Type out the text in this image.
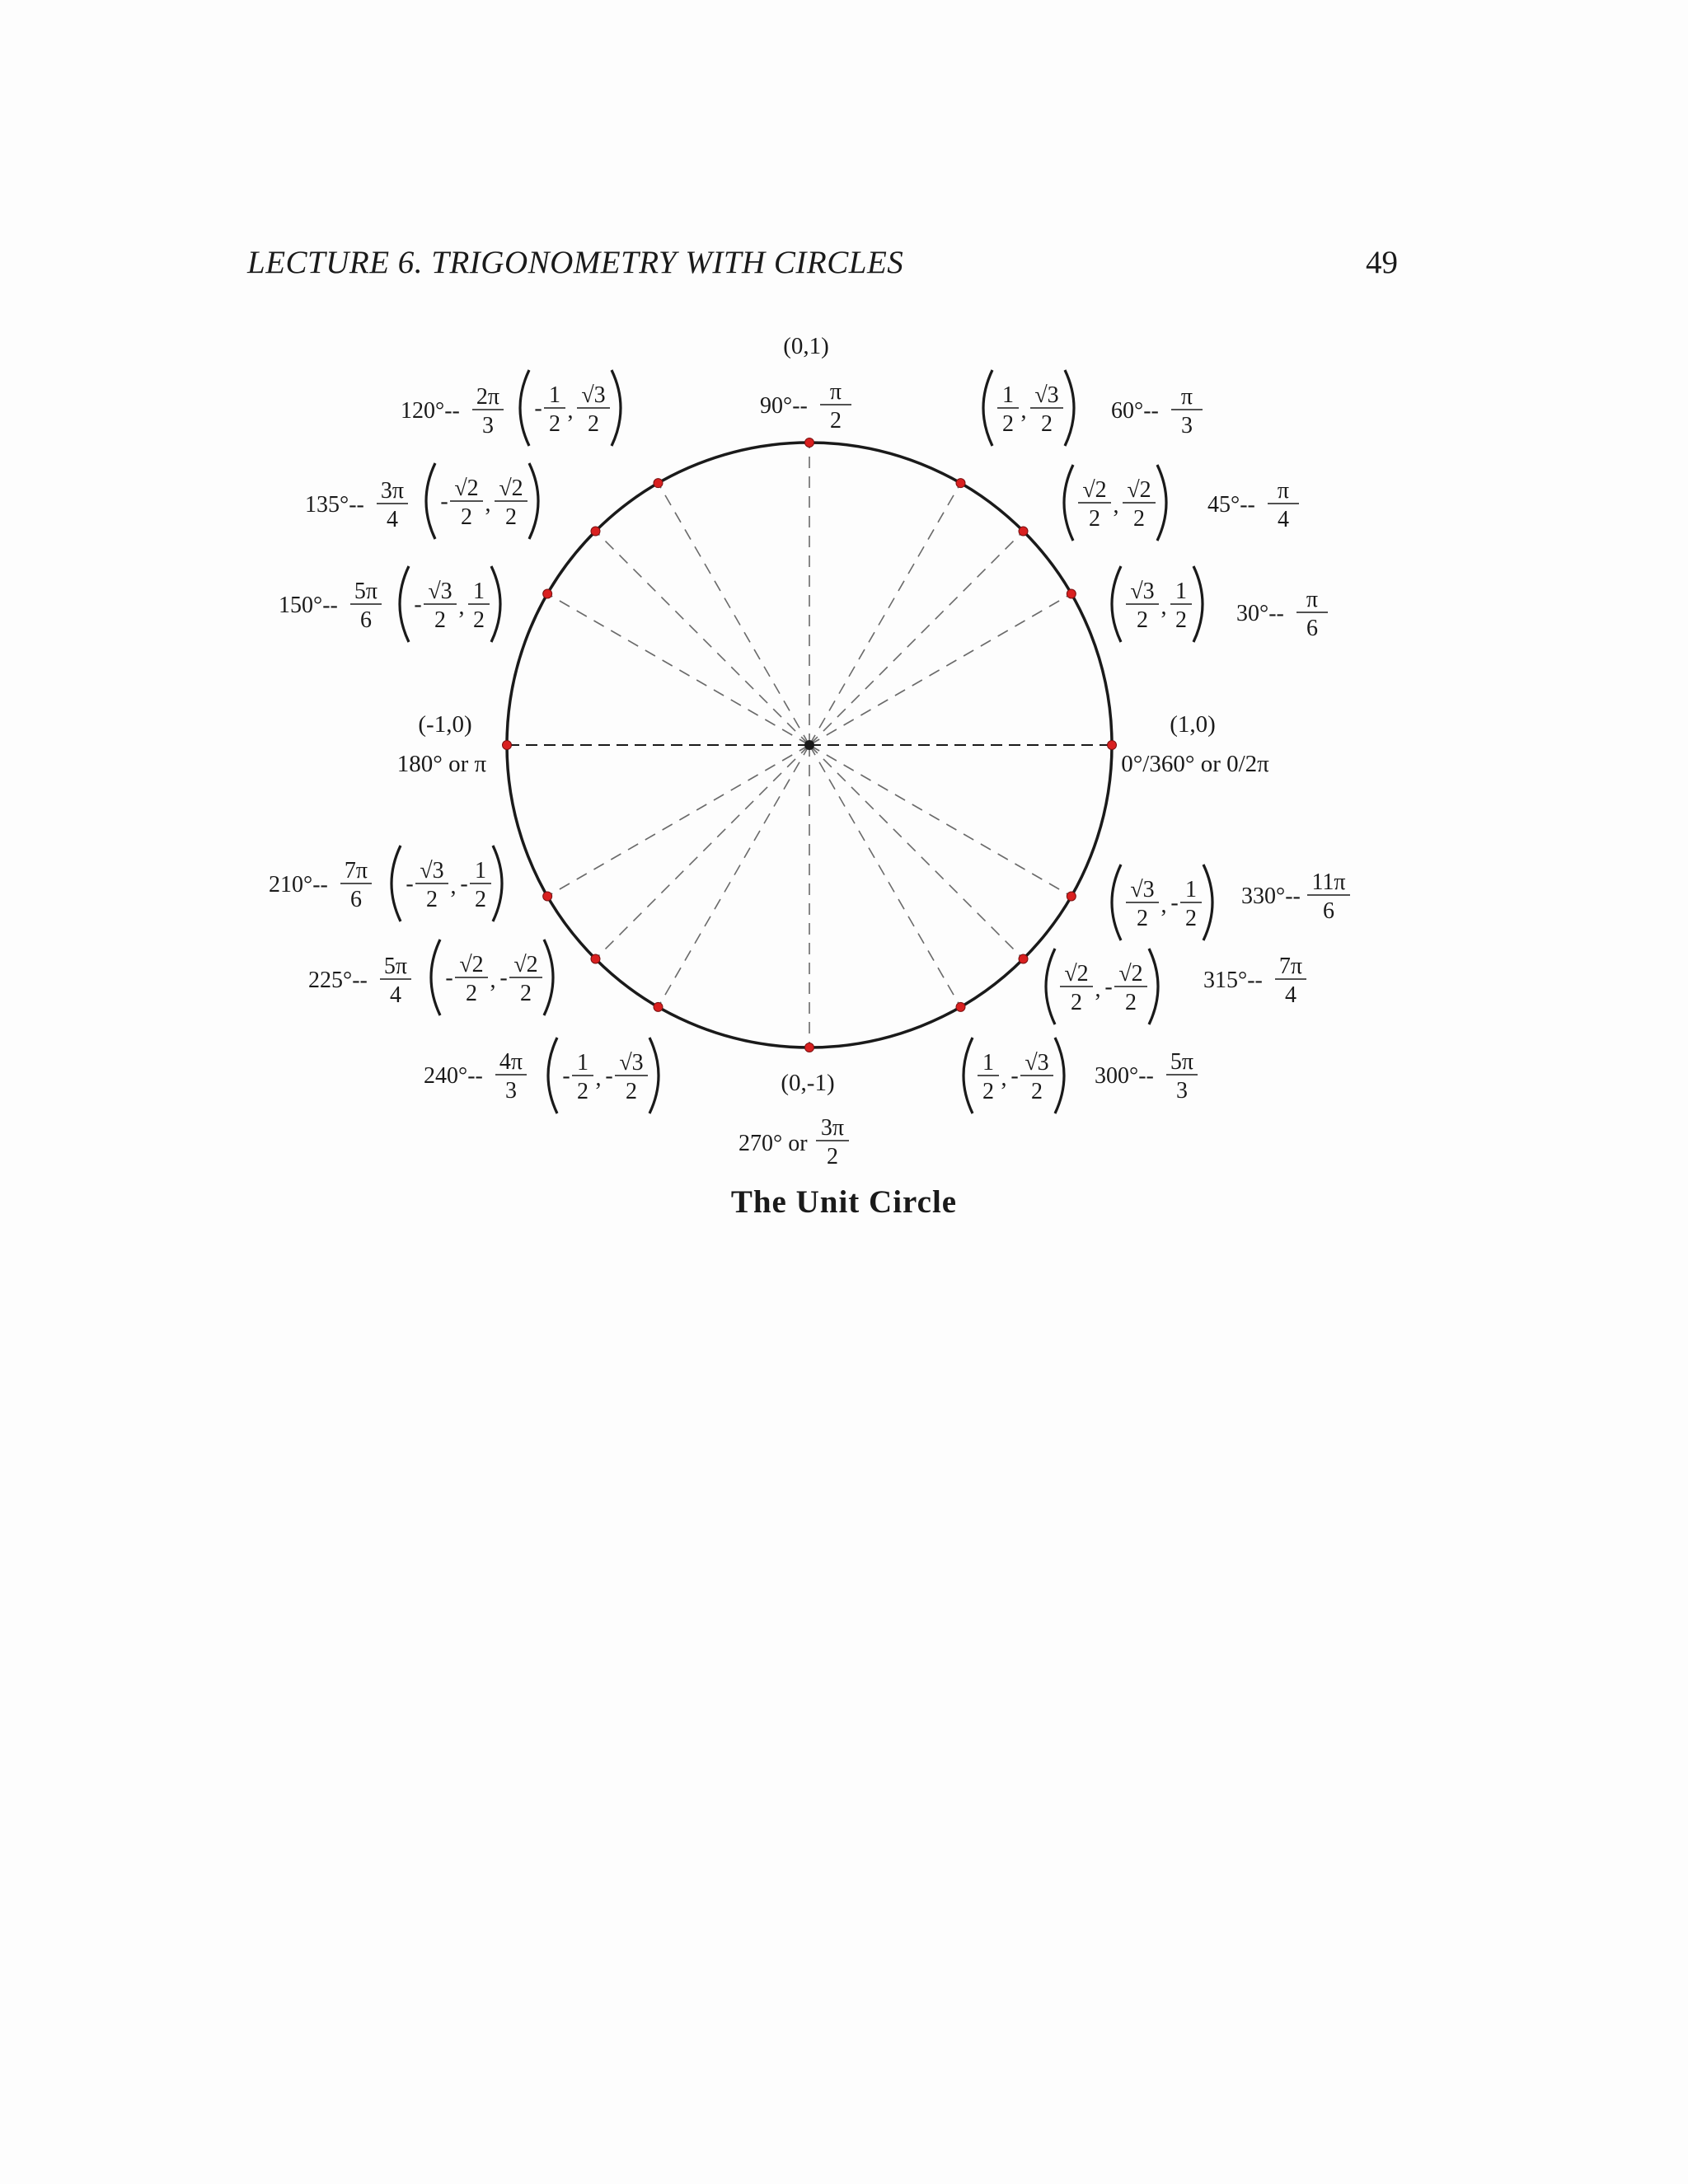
LECTURE 6. TRIGONOMETRY WITH CIRCLES	49
(0,1)
(1,0)
0°/360° or 0/2π
(-1,0)
180° or π
(0,-1)
30°--
π
6
45°--
π
4
60°--
π
3
90°--
π
2
120°--
2π
3
135°--
3π
4
150°--
5π
6
210°--
7π
6
225°--
5π
4
240°--
4π
3
300°--
5π
3
315°--
7π
4
330°--
11π
6
√3
2
,
1
2
√2
2
,
√2
2
1
2
,
√3
2
-
1
2
,
√3
2
-
√2
2
,
√2
2
-
√3
2
,
1
2
-
√3
2
, -
1
2
-
√2
2
, -
√2
2
-
1
2
, -
√3
2
1
2
, -
√3
2
√2
2
, -
√2
2
√3
2
, -
1
2
270° or
3π
2
The Unit Circle
